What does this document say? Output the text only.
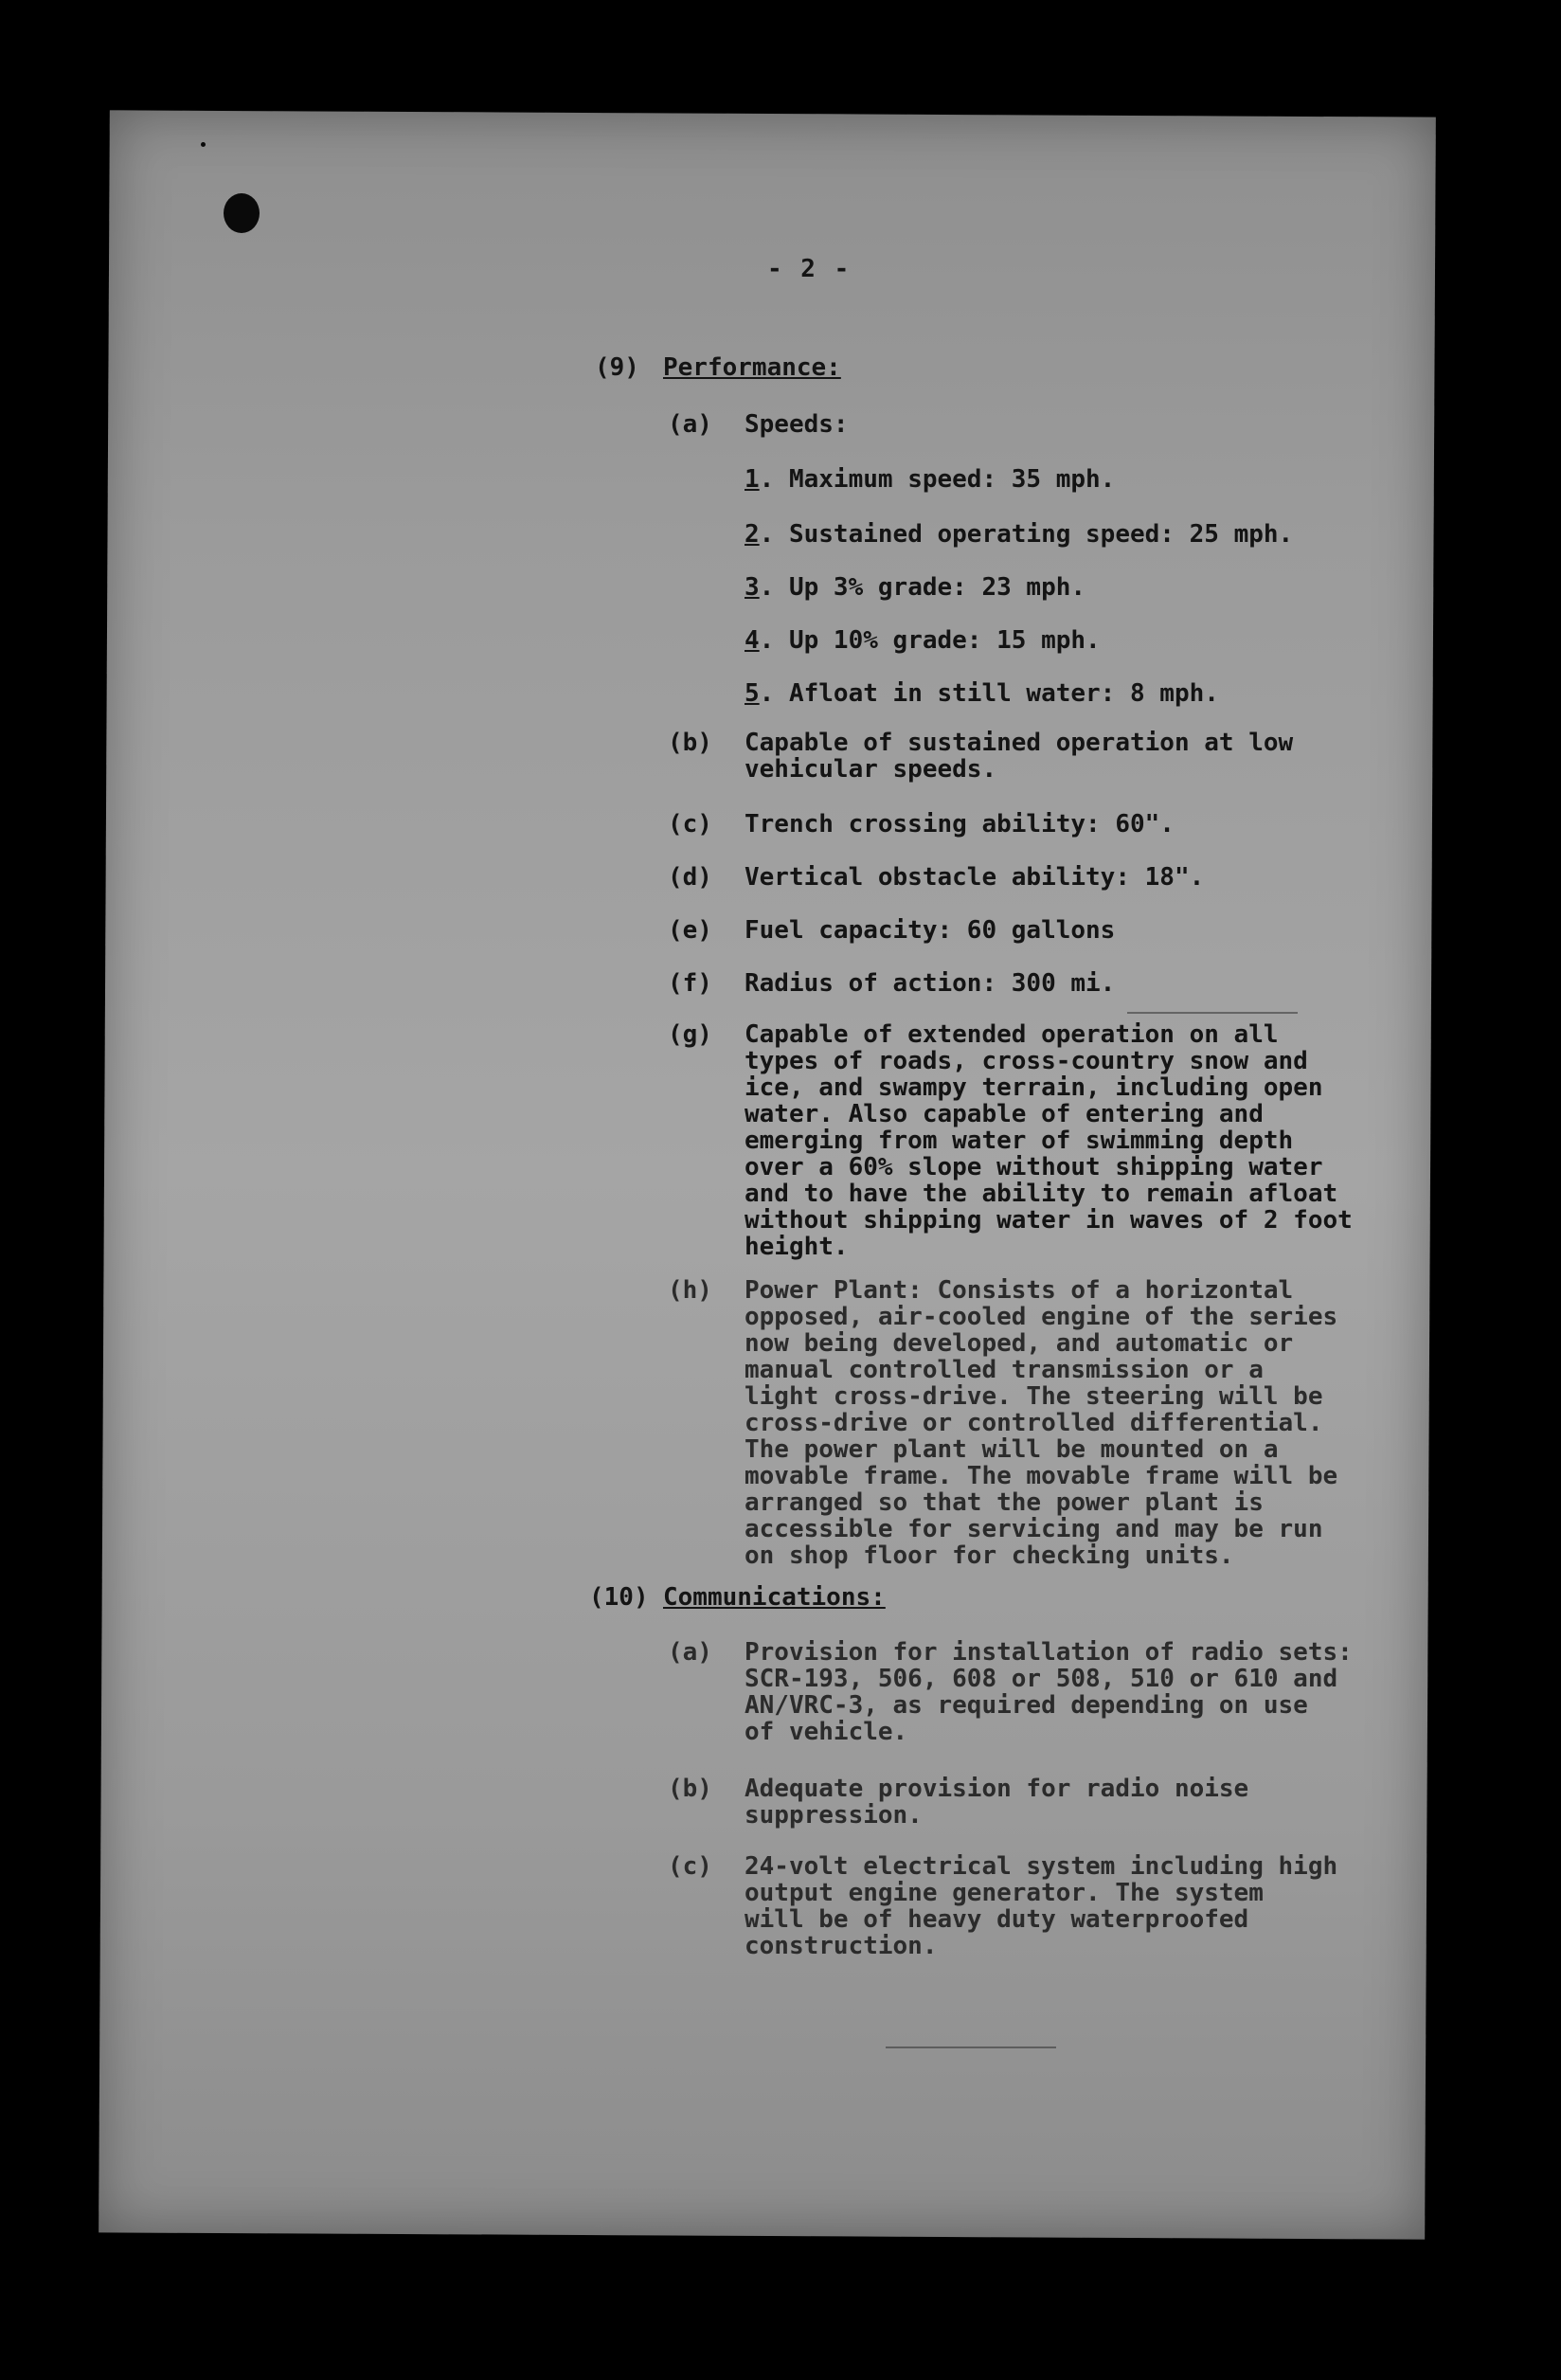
- 2 -
(9) Performance:
(a) Speeds:
1. Maximum speed: 35 mph.
2. Sustained operating speed: 25 mph.
3. Up 3% grade: 23 mph.
4. Up 10% grade: 15 mph.
5. Afloat in still water: 8 mph.
(b) Capable of sustained operation at low
vehicular speeds.
(c) Trench crossing ability: 60".
(d) Vertical obstacle ability: 18".
(e) Fuel capacity: 60 gallons
(f) Radius of action: 300 mi.
(g) Capable of extended operation on all
types of roads, cross-country snow and
ice, and swampy terrain, including open
water. Also capable of entering and
emerging from water of swimming depth
over a 60% slope without shipping water
and to have the ability to remain afloat
without shipping water in waves of 2 foot
height.
(h) Power Plant: Consists of a horizontal
opposed, air-cooled engine of the series
now being developed, and automatic or
manual controlled transmission or a
light cross-drive. The steering will be
cross-drive or controlled differential.
The power plant will be mounted on a
movable frame. The movable frame will be
arranged so that the power plant is
accessible for servicing and may be run
on shop floor for checking units.
(10) Communications:
(a) Provision for installation of radio sets:
SCR-193, 506, 608 or 508, 510 or 610 and
AN/VRC-3, as required depending on use
of vehicle.
(b) Adequate provision for radio noise
suppression.
(c) 24-volt electrical system including high
output engine generator. The system
will be of heavy duty waterproofed
construction.
